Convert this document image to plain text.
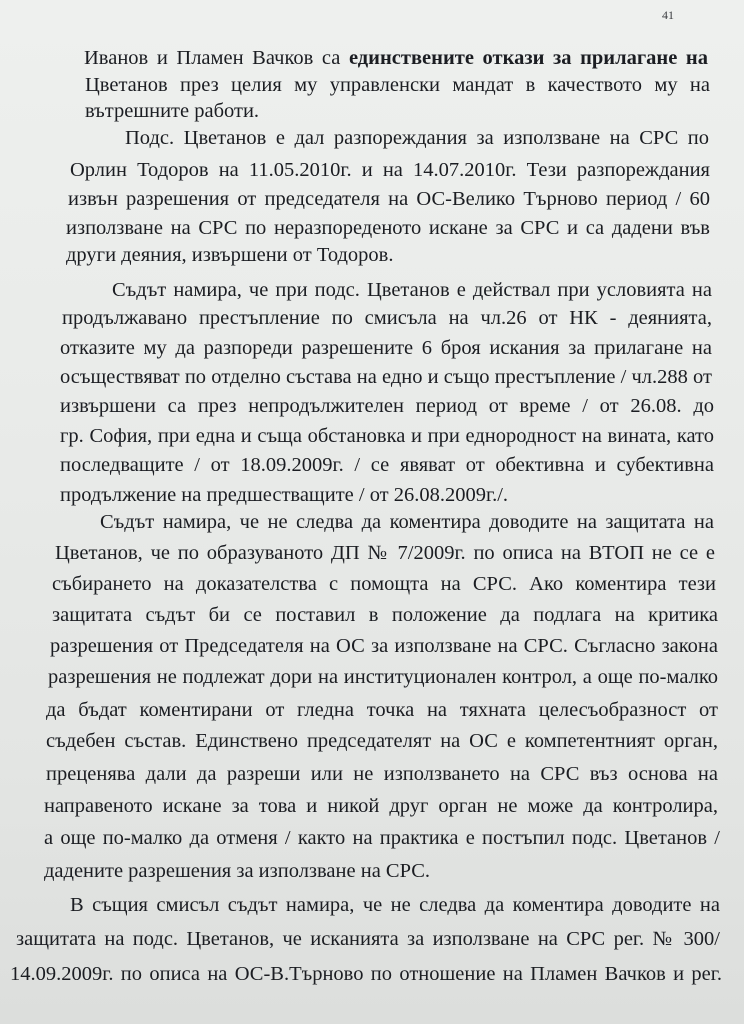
41
Иванов и Пламен Вачков са единствените откази за прилагане на
Цветанов през целия му управленски мандат в качеството му на
вътрешните работи.
Подс. Цветанов е дал разпореждания за използване на СРС по
Орлин Тодоров на 11.05.2010г. и на 14.07.2010г. Тези разпореждания
извън разрешения от председателя на ОС-Велико Търново период / 60
използване на СРС по неразпореденото искане за СРС и са дадени във
други деяния, извършени от Тодоров.
Съдът намира, че при подс. Цветанов е действал при условията на
продължавано престъпление по смисъла на чл.26 от НК - деянията,
отказите му да разпореди разрешените 6 броя искания за прилагане на
осъществяват по отделно състава на едно и също престъпление / чл.288 от
извършени са през непродължителен период от време / от 26.08. до
гр. София, при една и съща обстановка и при еднородност на вината, като
последващите / от 18.09.2009г. / се явяват от обективна и субективна
продължение на предшестващите / от 26.08.2009г./.
Съдът намира, че не следва да коментира доводите на защитата на
Цветанов, че по образуваното ДП № 7/2009г. по описа на ВТОП не се е
събирането на доказателства с помощта на СРС. Ако коментира тези
защитата съдът би се поставил в положение да подлага на критика
разрешения от Председателя на ОС за използване на СРС. Съгласно закона
разрешения не подлежат дори на институционален контрол, а още по-малко
да бъдат коментирани от гледна точка на тяхната целесъобразност от
съдебен състав. Единствено председателят на ОС е компетентният орган,
преценява дали да разреши или не използването на СРС въз основа на
направеното искане за това и никой друг орган не може да контролира,
а още по-малко да отменя / както на практика е постъпил подс. Цветанов /
дадените разрешения за използване на СРС.
В същия смисъл съдът намира, че не следва да коментира доводите на
защитата на подс. Цветанов, че исканията за използване на СРС рег. № 300/
14.09.2009г. по описа на ОС-В.Търново по отношение на Пламен Вачков и рег.
